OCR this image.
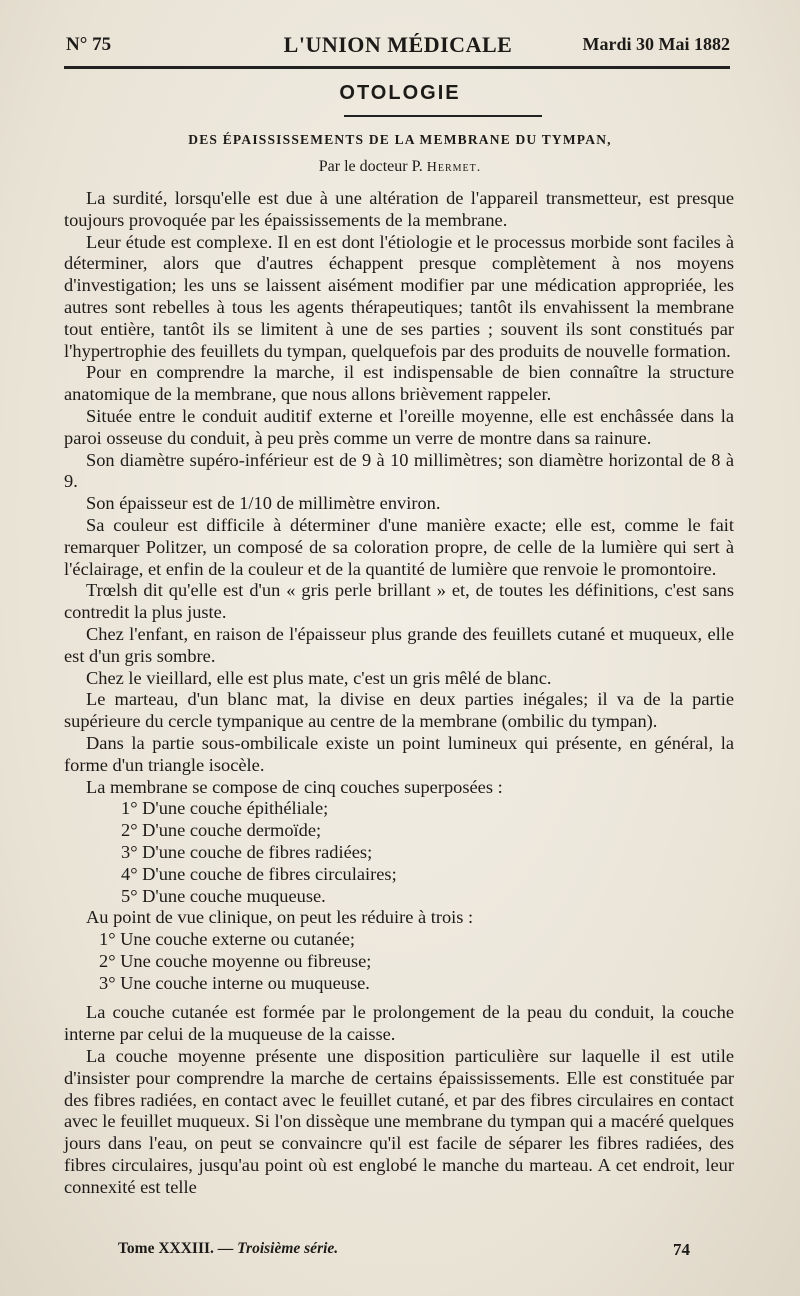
N° 75	L'UNION MÉDICALE	Mardi 30 Mai 1882
OTOLOGIE
DES ÉPAISSISSEMENTS DE LA MEMBRANE DU TYMPAN,
Par le docteur P. Hermet.

La surdité, lorsqu'elle est due à une altération de l'appareil transmetteur, est presque toujours provoquée par les épaississements de la membrane.

Leur étude est complexe. Il en est dont l'étiologie et le processus morbide sont faciles à déterminer, alors que d'autres échappent presque complètement à nos moyens d'investigation; les uns se laissent aisément modifier par une médication appropriée, les autres sont rebelles à tous les agents thérapeutiques; tantôt ils envahissent la membrane tout entière, tantôt ils se limitent à une de ses parties ; souvent ils sont constitués par l'hypertrophie des feuillets du tympan, quelquefois par des produits de nouvelle formation.

Pour en comprendre la marche, il est indispensable de bien connaître la structure anatomique de la membrane, que nous allons brièvement rappeler.

Située entre le conduit auditif externe et l'oreille moyenne, elle est enchâssée dans la paroi osseuse du conduit, à peu près comme un verre de montre dans sa rainure.

Son diamètre supéro-inférieur est de 9 à 10 millimètres; son diamètre horizontal de 8 à 9.

Son épaisseur est de 1/10 de millimètre environ.

Sa couleur est difficile à déterminer d'une manière exacte; elle est, comme le fait remarquer Politzer, un composé de sa coloration propre, de celle de la lumière qui sert à l'éclairage, et enfin de la couleur et de la quantité de lumière que renvoie le promontoire.

Trœlsh dit qu'elle est d'un « gris perle brillant » et, de toutes les définitions, c'est sans contredit la plus juste.

Chez l'enfant, en raison de l'épaisseur plus grande des feuillets cutané et muqueux, elle est d'un gris sombre.

Chez le vieillard, elle est plus mate, c'est un gris mêlé de blanc.

Le marteau, d'un blanc mat, la divise en deux parties inégales; il va de la partie supérieure du cercle tympanique au centre de la membrane (ombilic du tympan).

Dans la partie sous-ombilicale existe un point lumineux qui présente, en général, la forme d'un triangle isocèle.

La membrane se compose de cinq couches superposées :

1° D'une couche épithéliale;
2° D'une couche dermoïde;
3° D'une couche de fibres radiées;
4° D'une couche de fibres circulaires;
5° D'une couche muqueuse.

Au point de vue clinique, on peut les réduire à trois :

1° Une couche externe ou cutanée;
2° Une couche moyenne ou fibreuse;
3° Une couche interne ou muqueuse.

La couche cutanée est formée par le prolongement de la peau du conduit, la couche interne par celui de la muqueuse de la caisse.

La couche moyenne présente une disposition particulière sur laquelle il est utile d'insister pour comprendre la marche de certains épaississements. Elle est constituée par des fibres radiées, en contact avec le feuillet cutané, et par des fibres circulaires en contact avec le feuillet muqueux. Si l'on dissèque une membrane du tympan qui a macéré quelques jours dans l'eau, on peut se convaincre qu'il est facile de séparer les fibres radiées, des fibres circulaires, jusqu'au point où est englobé le manche du marteau. A cet endroit, leur connexité est telle

Tome XXXIII. — Troisième série.	74
